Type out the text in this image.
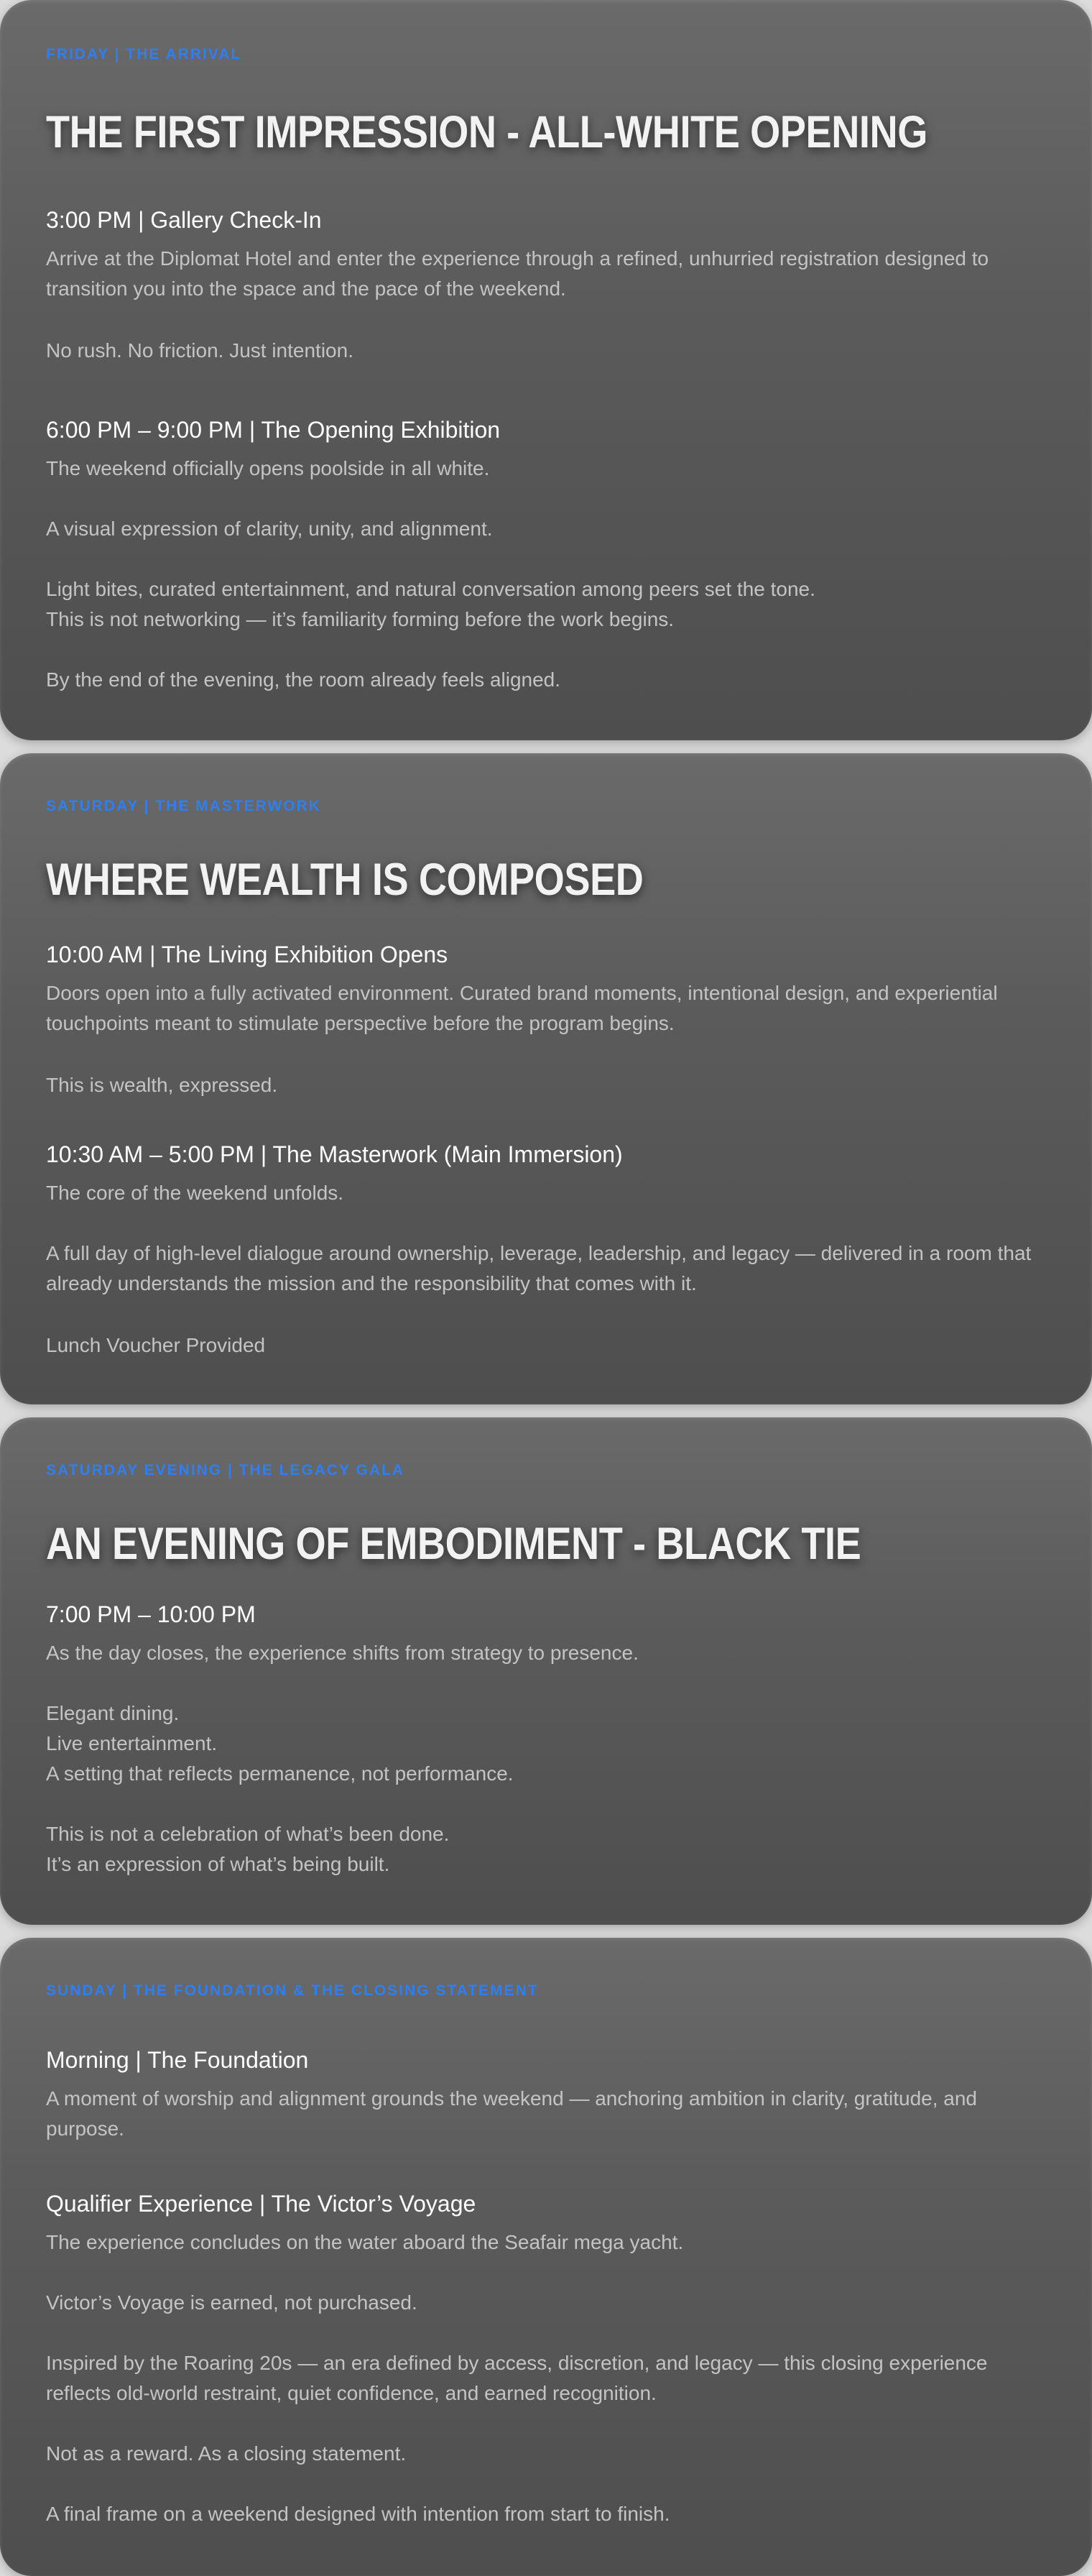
FRIDAY | THE ARRIVAL
THE FIRST IMPRESSION - ALL-WHITE OPENING
3:00 PM | Gallery Check-In
Arrive at the Diplomat Hotel and enter the experience through a refined, unhurried registration designed to transition you into the space and the pace of the weekend.
No rush. No friction. Just intention.
6:00 PM – 9:00 PM | The Opening Exhibition
The weekend officially opens poolside in all white.
A visual expression of clarity, unity, and alignment.
Light bites, curated entertainment, and natural conversation among peers set the tone.
This is not networking — it’s familiarity forming before the work begins.
By the end of the evening, the room already feels aligned.
SATURDAY | THE MASTERWORK
WHERE WEALTH IS COMPOSED
10:00 AM | The Living Exhibition Opens
Doors open into a fully activated environment. Curated brand moments, intentional design, and experiential touchpoints meant to stimulate perspective before the program begins.
This is wealth, expressed.
10:30 AM – 5:00 PM | The Masterwork (Main Immersion)
The core of the weekend unfolds.
A full day of high-level dialogue around ownership, leverage, leadership, and legacy — delivered in a room that already understands the mission and the responsibility that comes with it.
Lunch Voucher Provided
SATURDAY EVENING | THE LEGACY GALA
AN EVENING OF EMBODIMENT - BLACK TIE
7:00 PM – 10:00 PM
As the day closes, the experience shifts from strategy to presence.
Elegant dining.
Live entertainment.
A setting that reflects permanence, not performance.
This is not a celebration of what’s been done.
It’s an expression of what’s being built.
SUNDAY | THE FOUNDATION & THE CLOSING STATEMENT
Morning | The Foundation
A moment of worship and alignment grounds the weekend — anchoring ambition in clarity, gratitude, and purpose.
Qualifier Experience | The Victor’s Voyage
The experience concludes on the water aboard the Seafair mega yacht.
Victor’s Voyage is earned, not purchased.
Inspired by the Roaring 20s — an era defined by access, discretion, and legacy — this closing experience reflects old-world restraint, quiet confidence, and earned recognition.
Not as a reward. As a closing statement.
A final frame on a weekend designed with intention from start to finish.
